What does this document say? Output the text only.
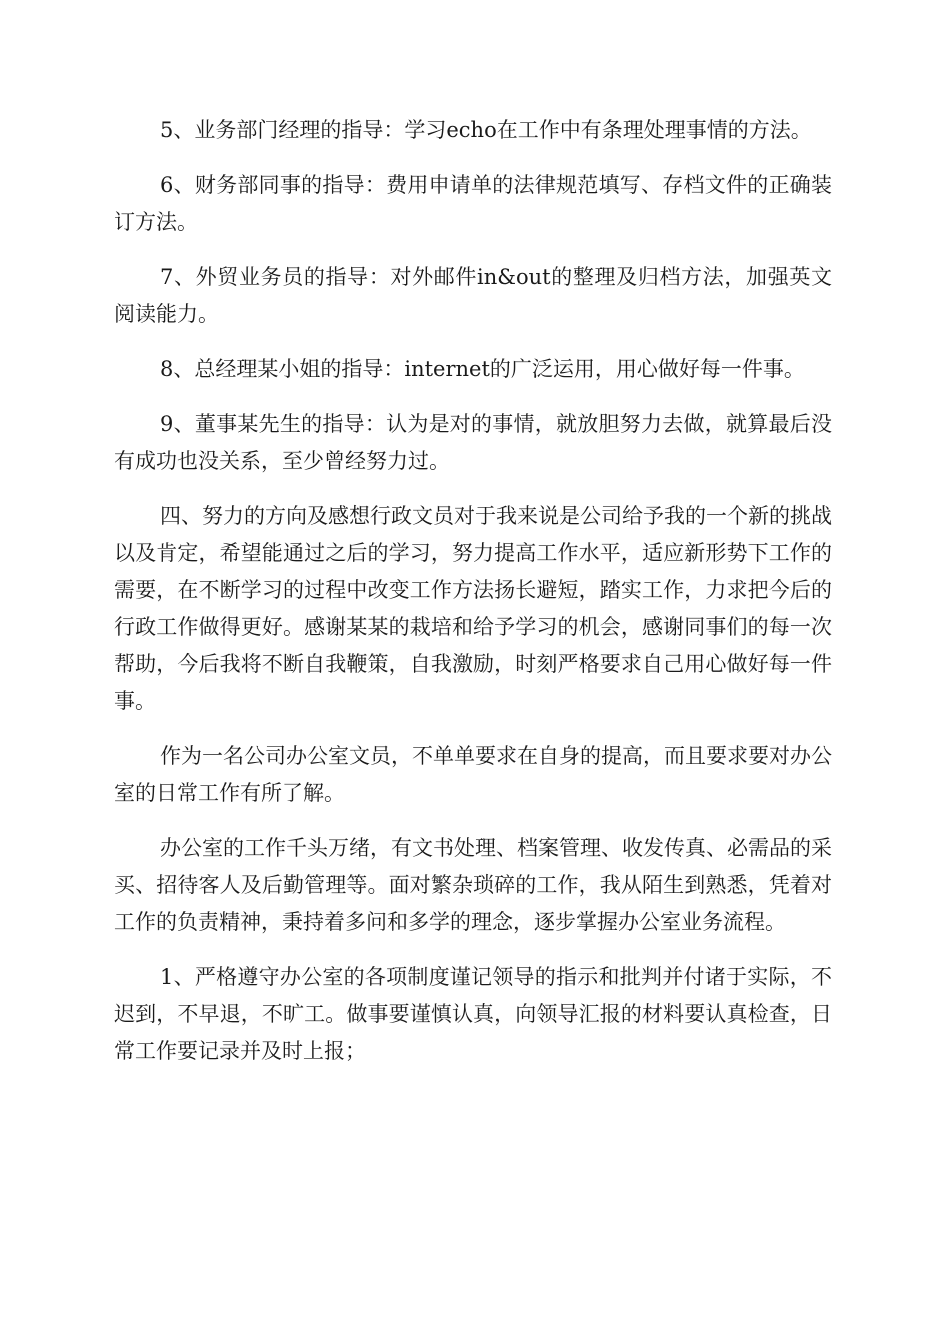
5、业务部门经理的指导：学习echo在工作中有条理处理事情的方法。

6、财务部同事的指导：费用申请单的法律规范填写、存档文件的正确装订方法。

7、外贸业务员的指导：对外邮件in&out的整理及归档方法，加强英文阅读能力。

8、总经理某小姐的指导：internet的广泛运用，用心做好每一件事。

9、董事某先生的指导：认为是对的事情，就放胆努力去做，就算最后没有成功也没关系，至少曾经努力过。

四、努力的方向及感想行政文员对于我来说是公司给予我的一个新的挑战以及肯定，希望能通过之后的学习，努力提高工作水平，适应新形势下工作的需要，在不断学习的过程中改变工作方法扬长避短，踏实工作，力求把今后的行政工作做得更好。感谢某某的栽培和给予学习的机会，感谢同事们的每一次帮助，今后我将不断自我鞭策，自我激励，时刻严格要求自己用心做好每一件事。

作为一名公司办公室文员，不单单要求在自身的提高，而且要求要对办公室的日常工作有所了解。

办公室的工作千头万绪，有文书处理、档案管理、收发传真、必需品的采买、招待客人及后勤管理等。面对繁杂琐碎的工作，我从陌生到熟悉，凭着对工作的负责精神，秉持着多问和多学的理念，逐步掌握办公室业务流程。

1、严格遵守办公室的各项制度谨记领导的指示和批判并付诸于实际，不迟到，不早退，不旷工。做事要谨慎认真，向领导汇报的材料要认真检查，日常工作要记录并及时上报；
